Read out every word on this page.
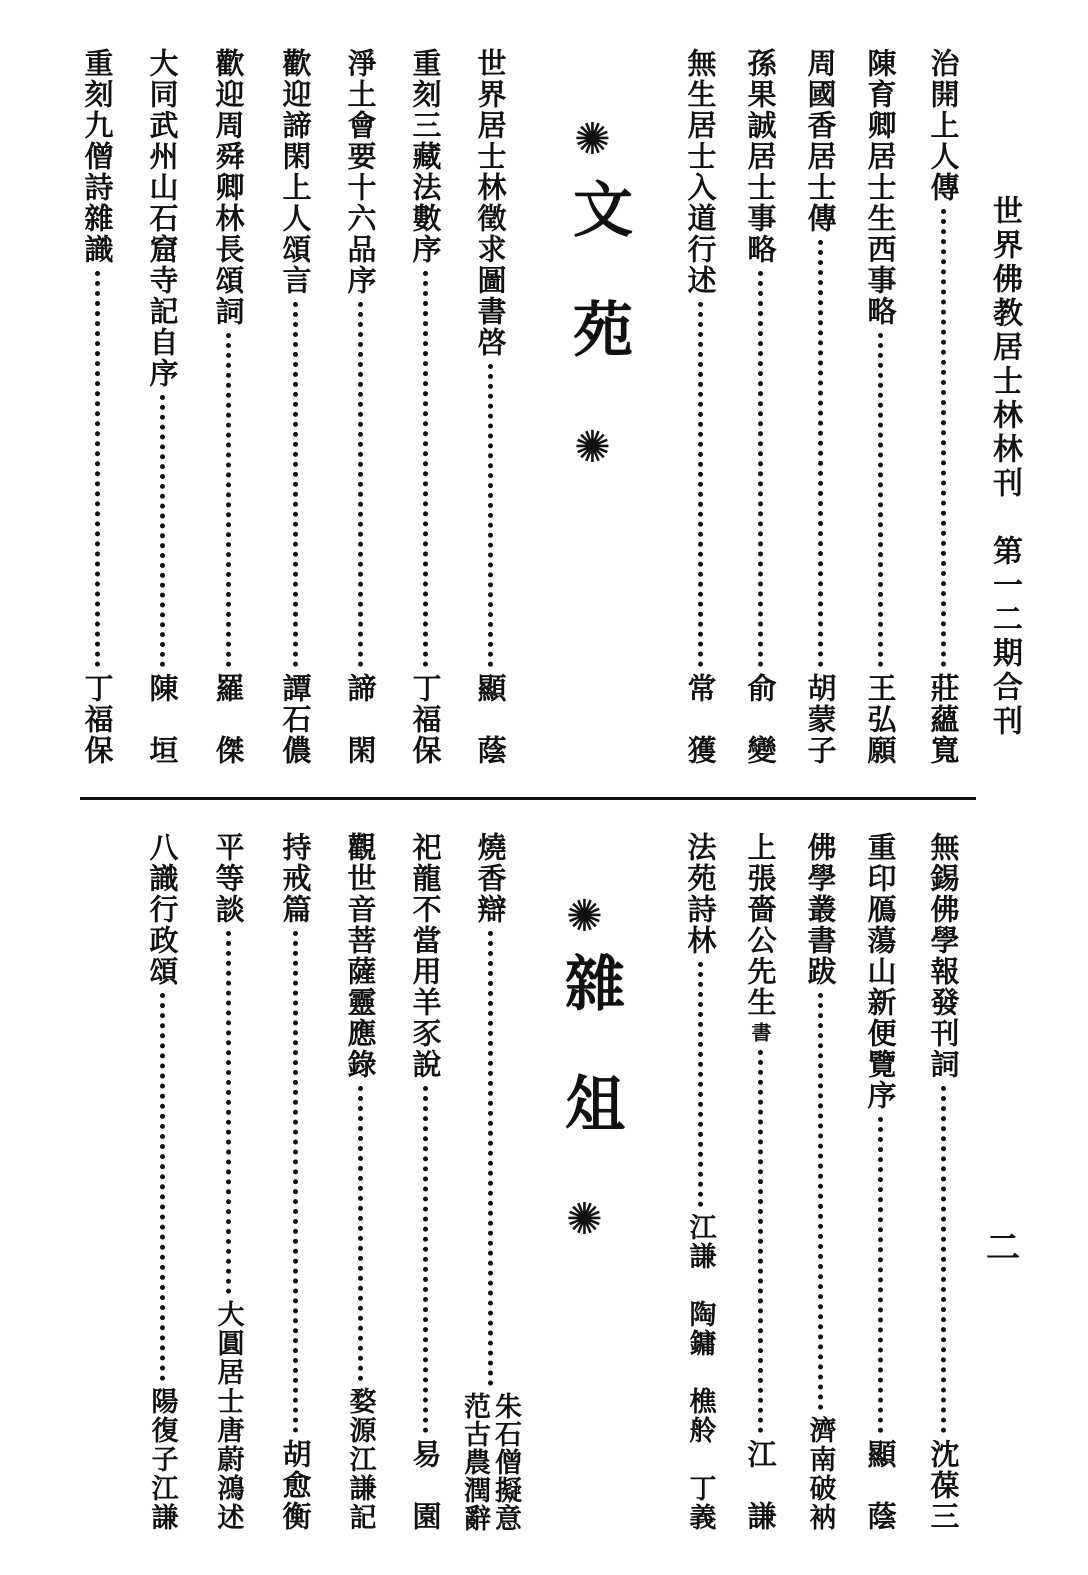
世界佛教居士林林刊　第一二期合刊
二
治開上人傳
莊蘊寬
陳育卿居士生西事略
王弘願
周國香居士傳
胡蒙子
孫果誠居士事略
俞　變
無生居士入道行述
常　獲
✺
文苑
✺
世界居士林徵求圖書啓
顯　蔭
重刻三藏法數序
丁福保
淨土會要十六品序
諦　閑
歡迎諦閑上人頌言
譚石儂
歡迎周舜卿林長頌詞
羅　傑
大同武州山石窟寺記自序
陳　垣
重刻九僧詩雜識
丁福保
無錫佛學報發刊詞
沈葆三
重印鴈蕩山新便覽序
顯　蔭
佛學叢書跋
濟南破衲
上張嗇公先生
書
江　謙
法苑詩林
江謙　陶鏞　樵舲　丁義
✺
雜俎
✺
燒香辯
朱石僧擬意
范古農潤辭
祀龍不當用羊豕說
易　園
觀世音菩薩靈應錄
婺源江謙記
持戒篇
胡愈衡
平等談
大圓居士唐蔚鴻述
八識行政頌
陽復子江謙
